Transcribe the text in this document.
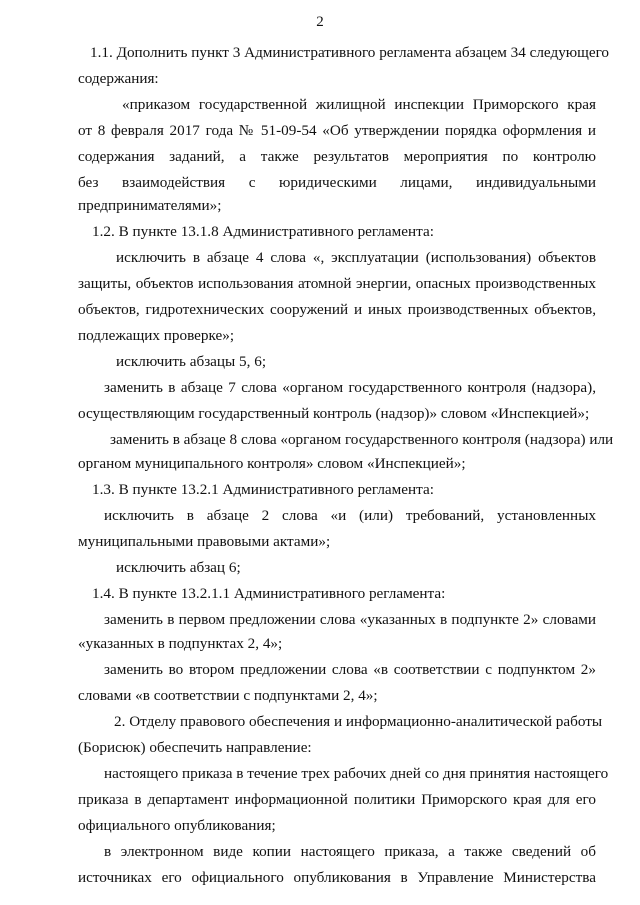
2
1.1. Дополнить пункт 3 Административного регламента абзацем 34 следующего
содержания:
«приказом государственной жилищной инспекции Приморского края
от 8 февраля 2017 года № 51-09-54 «Об утверждении порядка оформления и
содержания заданий, а также результатов мероприятия по контролю
без взаимодействия с юридическими лицами, индивидуальными
предпринимателями»;
1.2. В пункте 13.1.8 Административного регламента:
исключить в абзаце 4 слова «, эксплуатации (использования) объектов
защиты, объектов использования атомной энергии, опасных производственных
объектов, гидротехнических сооружений и иных производственных объектов,
подлежащих проверке»;
исключить абзацы 5, 6;
заменить в абзаце 7 слова «органом государственного контроля (надзора),
осуществляющим государственный контроль (надзор)» словом «Инспекцией»;
заменить в абзаце 8 слова «органом государственного контроля (надзора) или
органом муниципального контроля» словом «Инспекцией»;
1.3. В пункте 13.2.1 Административного регламента:
исключить в абзаце 2 слова «и (или) требований, установленных
муниципальными правовыми актами»;
исключить абзац 6;
1.4. В пункте 13.2.1.1 Административного регламента:
заменить в первом предложении слова «указанных в подпункте 2» словами
«указанных в подпунктах 2, 4»;
заменить во втором предложении слова «в соответствии с подпунктом 2»
словами «в соответствии с подпунктами 2, 4»;
2. Отделу правового обеспечения и информационно-аналитической работы
(Борисюк) обеспечить направление:
настоящего приказа в течение трех рабочих дней со дня принятия настоящего
приказа в департамент информационной политики Приморского края для его
официального опубликования;
в электронном виде копии настоящего приказа, а также сведений об
источниках его официального опубликования в Управление Министерства
